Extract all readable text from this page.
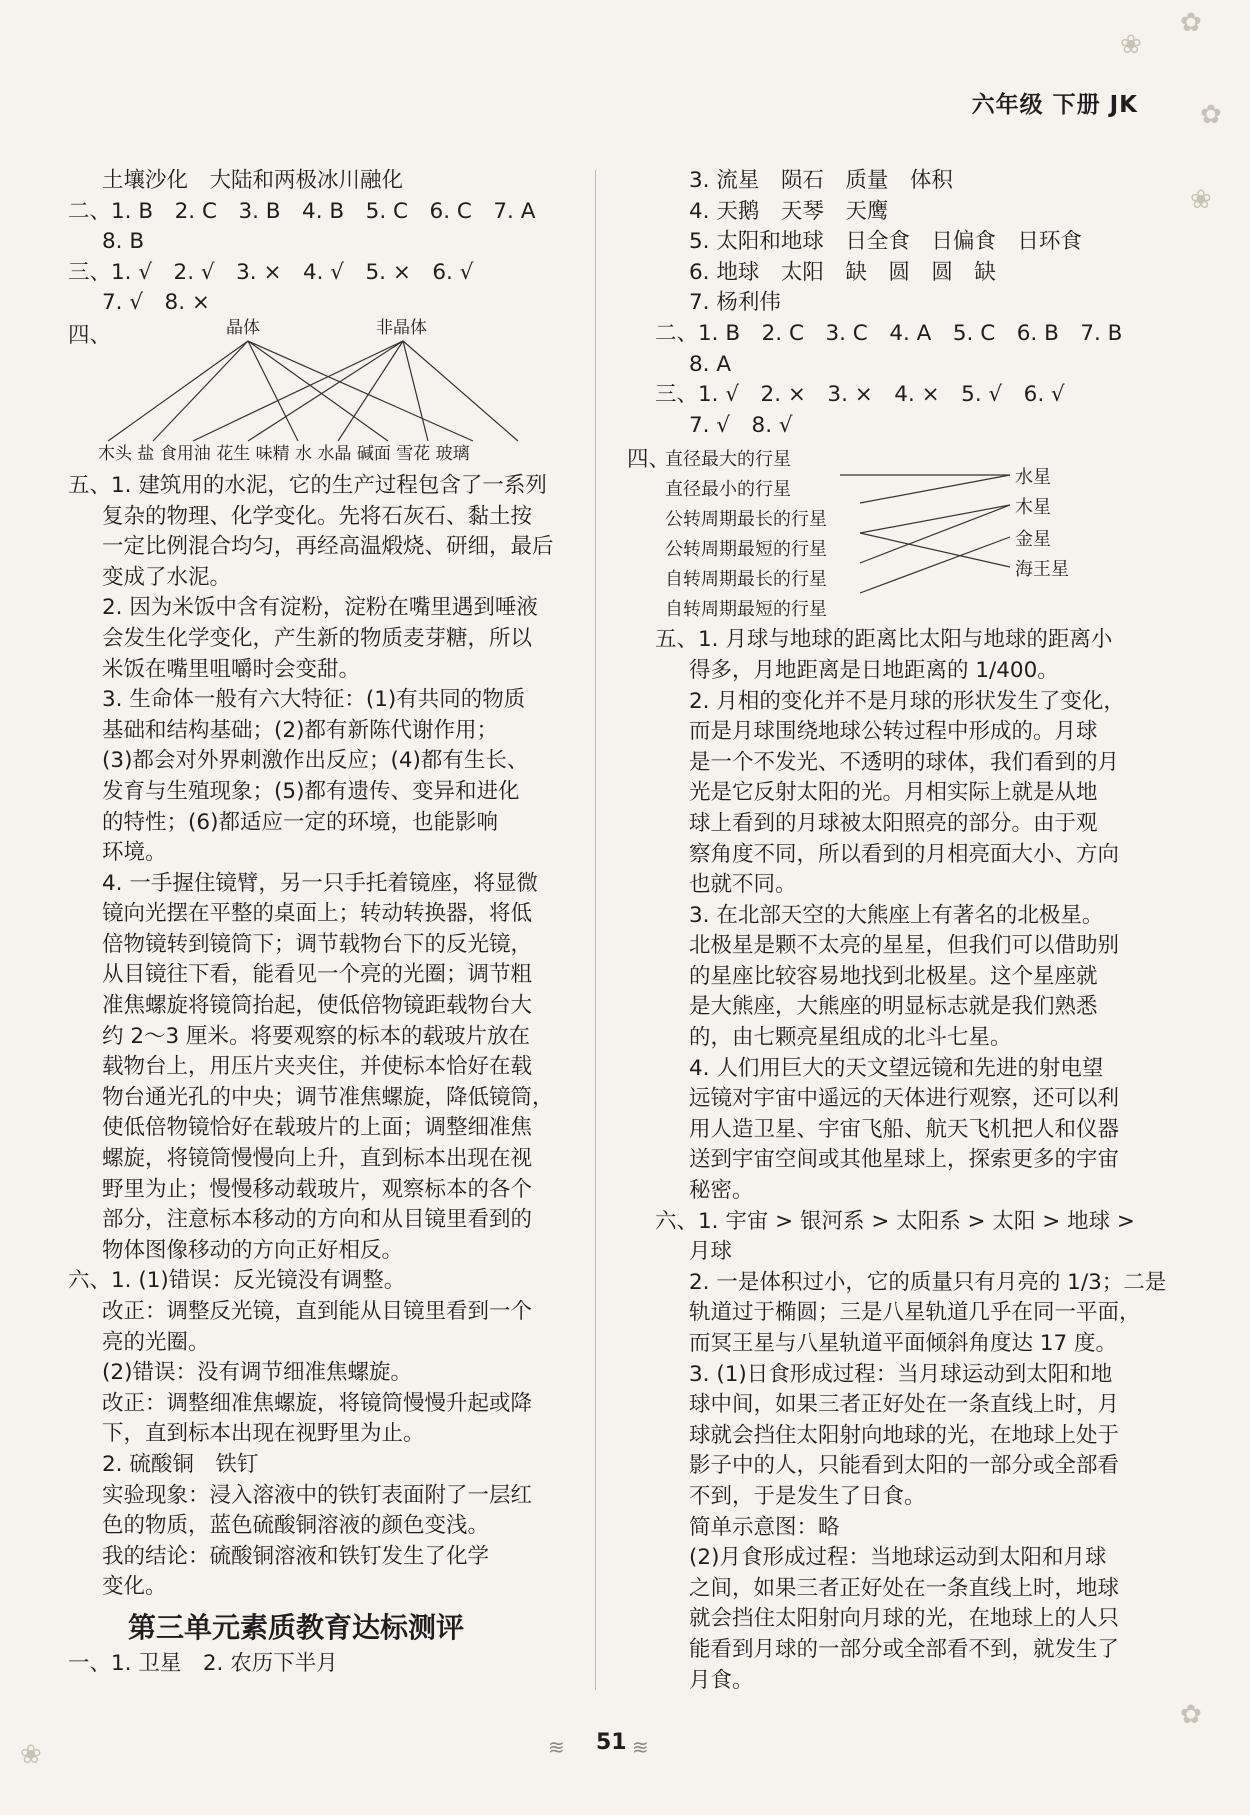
✿
❀
✿
❀
✿
❀
六年级 下册 JK

土壤沙化　大陆和两极冰川融化

二、1. B　2. C　3. B　4. B　5. C　6. C　7. A

8. B

三、1. √　2. √　3. ×　4. √　5. ×　6. √

7. √　8. ×

四、	晶体	非晶体
木头 盐 食用油 花生 味精 水 水晶 碱面 雪花 玻璃

五、1. 建筑用的水泥，它的生产过程包含了一系列

复杂的物理、化学变化。先将石灰石、黏土按

一定比例混合均匀，再经高温煅烧、研细，最后

变成了水泥。

2. 因为米饭中含有淀粉，淀粉在嘴里遇到唾液

会发生化学变化，产生新的物质麦芽糖，所以

米饭在嘴里咀嚼时会变甜。

3. 生命体一般有六大特征：(1)有共同的物质

基础和结构基础；(2)都有新陈代谢作用；

(3)都会对外界刺激作出反应；(4)都有生长、

发育与生殖现象；(5)都有遗传、变异和进化

的特性；(6)都适应一定的环境，也能影响

环境。

4. 一手握住镜臂，另一只手托着镜座，将显微

镜向光摆在平整的桌面上；转动转换器，将低

倍物镜转到镜筒下；调节载物台下的反光镜，

从目镜往下看，能看见一个亮的光圈；调节粗

准焦螺旋将镜筒抬起，使低倍物镜距载物台大

约 2～3 厘米。将要观察的标本的载玻片放在

载物台上，用压片夹夹住，并使标本恰好在载

物台通光孔的中央；调节准焦螺旋，降低镜筒，

使低倍物镜恰好在载玻片的上面；调整细准焦

螺旋，将镜筒慢慢向上升，直到标本出现在视

野里为止；慢慢移动载玻片，观察标本的各个

部分，注意标本移动的方向和从目镜里看到的

物体图像移动的方向正好相反。

六、1. (1)错误：反光镜没有调整。

改正：调整反光镜，直到能从目镜里看到一个

亮的光圈。

(2)错误：没有调节细准焦螺旋。

改正：调整细准焦螺旋，将镜筒慢慢升起或降

下，直到标本出现在视野里为止。

2. 硫酸铜　铁钉

实验现象：浸入溶液中的铁钉表面附了一层红

色的物质，蓝色硫酸铜溶液的颜色变浅。

我的结论：硫酸铜溶液和铁钉发生了化学

变化。

第三单元素质教育达标测评

一、1. 卫星　2. 农历下半月

3. 流星　陨石　质量　体积

4. 天鹅　天琴　天鹰

5. 太阳和地球　日全食　日偏食　日环食

6. 地球　太阳　缺　圆　圆　缺

7. 杨利伟

二、1. B　2. C　3. C　4. A　5. C　6. B　7. B

8. A

三、1. √　2. ×　3. ×　4. ×　5. √　6. √

7. √　8. √

四、
直径最大的行星
直径最小的行星
公转周期最长的行星
公转周期最短的行星
自转周期最长的行星
自转周期最短的行星
水星
木星
金星
海王星

五、1. 月球与地球的距离比太阳与地球的距离小

得多，月地距离是日地距离的 1/400。

2. 月相的变化并不是月球的形状发生了变化，

而是月球围绕地球公转过程中形成的。月球

是一个不发光、不透明的球体，我们看到的月

光是它反射太阳的光。月相实际上就是从地

球上看到的月球被太阳照亮的部分。由于观

察角度不同，所以看到的月相亮面大小、方向

也就不同。

3. 在北部天空的大熊座上有著名的北极星。

北极星是颗不太亮的星星，但我们可以借助别

的星座比较容易地找到北极星。这个星座就

是大熊座，大熊座的明显标志就是我们熟悉

的，由七颗亮星组成的北斗七星。

4. 人们用巨大的天文望远镜和先进的射电望

远镜对宇宙中遥远的天体进行观察，还可以利

用人造卫星、宇宙飞船、航天飞机把人和仪器

送到宇宙空间或其他星球上，探索更多的宇宙

秘密。

六、1. 宇宙 > 银河系 > 太阳系 > 太阳 > 地球 >

月球

2. 一是体积过小，它的质量只有月亮的 1/3；二是

轨道过于椭圆；三是八星轨道几乎在同一平面，

而冥王星与八星轨道平面倾斜角度达 17 度。

3. (1)日食形成过程：当月球运动到太阳和地

球中间，如果三者正好处在一条直线上时，月

球就会挡住太阳射向地球的光，在地球上处于

影子中的人，只能看到太阳的一部分或全部看

不到，于是发生了日食。

简单示意图：略

(2)月食形成过程：当地球运动到太阳和月球

之间，如果三者正好处在一条直线上时，地球

就会挡住太阳射向月球的光，在地球上的人只

能看到月球的一部分或全部看不到，就发生了

月食。

≋ 51 ≋
